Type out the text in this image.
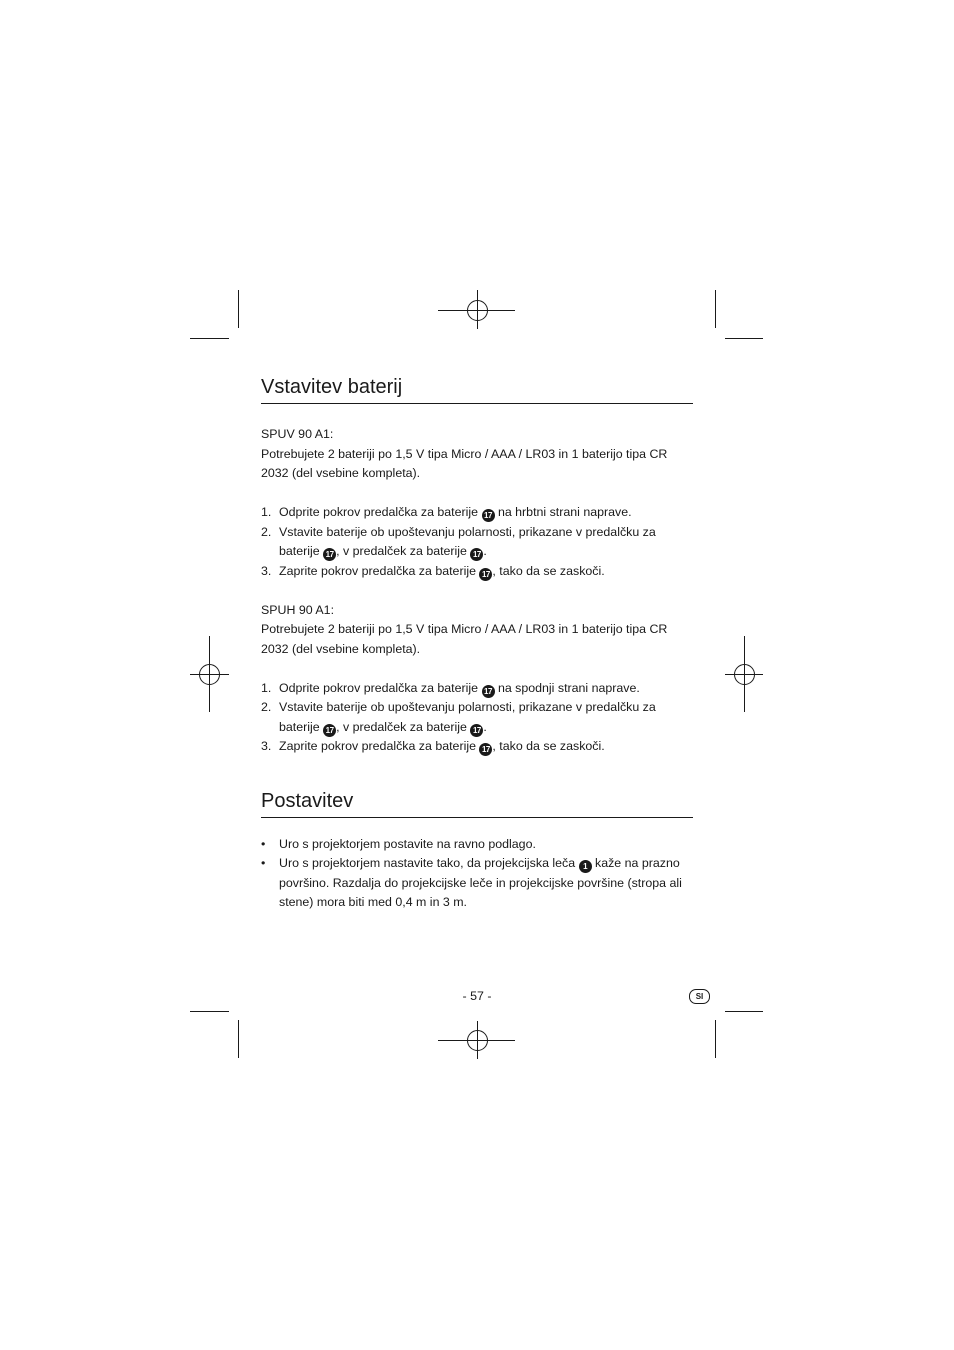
Vstavitev baterij

SPUV 90 A1:

Potrebujete 2 bateriji po 1,5 V tipa Micro / AAA / LR03 in 1 baterijo tipa CR 2032 (del vsebine kompleta).

1. Odprite pokrov predalčka za baterije 17 na hrbtni strani naprave.
2. Vstavite baterije ob upoštevanju polarnosti, prikazane v predalčku za baterije 17 , v predalček za baterije 17 .
3. Zaprite pokrov predalčka za baterije 17 , tako da se zaskoči.

SPUH 90 A1:

Potrebujete 2 bateriji po 1,5 V tipa Micro / AAA / LR03 in 1 baterijo tipa CR 2032 (del vsebine kompleta).

1. Odprite pokrov predalčka za baterije 17 na spodnji strani naprave.
2. Vstavite baterije ob upoštevanju polarnosti, prikazane v predalčku za baterije 17 , v predalček za baterije 17 .
3. Zaprite pokrov predalčka za baterije 17 , tako da se zaskoči.
Postavitev
• Uro s projektorjem postavite na ravno podlago.
• Uro s projektorjem nastavite tako, da projekcijska leča 1 kaže na prazno površino. Razdalja do projekcijske leče in projekcijske površine (stropa ali stene) mora biti med 0,4 m in 3 m.
- 57 -	SI
